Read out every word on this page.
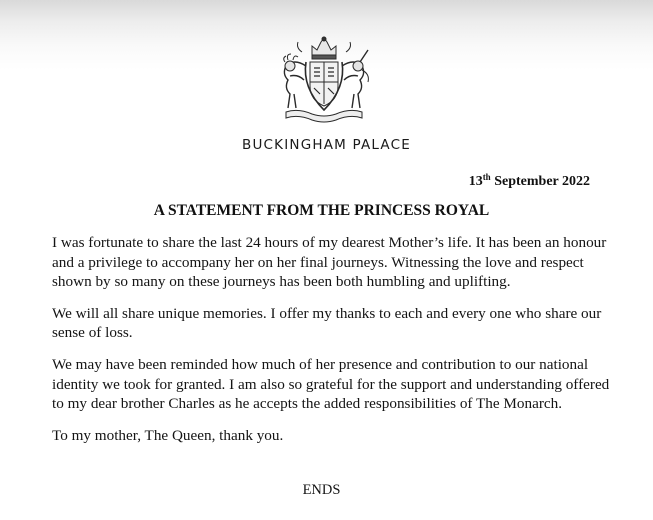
BUCKINGHAM PALACE
13th September 2022
A STATEMENT FROM THE PRINCESS ROYAL

I was fortunate to share the last 24 hours of my dearest Mother’s life. It has been an honour and a privilege to accompany her on her final journeys. Witnessing the love and respect shown by so many on these journeys has been both humbling and uplifting.

We will all share unique memories. I offer my thanks to each and every one who share our sense of loss.

We may have been reminded how much of her presence and contribution to our national identity we took for granted. I am also so grateful for the support and understanding offered to my dear brother Charles as he accepts the added responsibilities of The Monarch.

To my mother, The Queen, thank you.

ENDS
